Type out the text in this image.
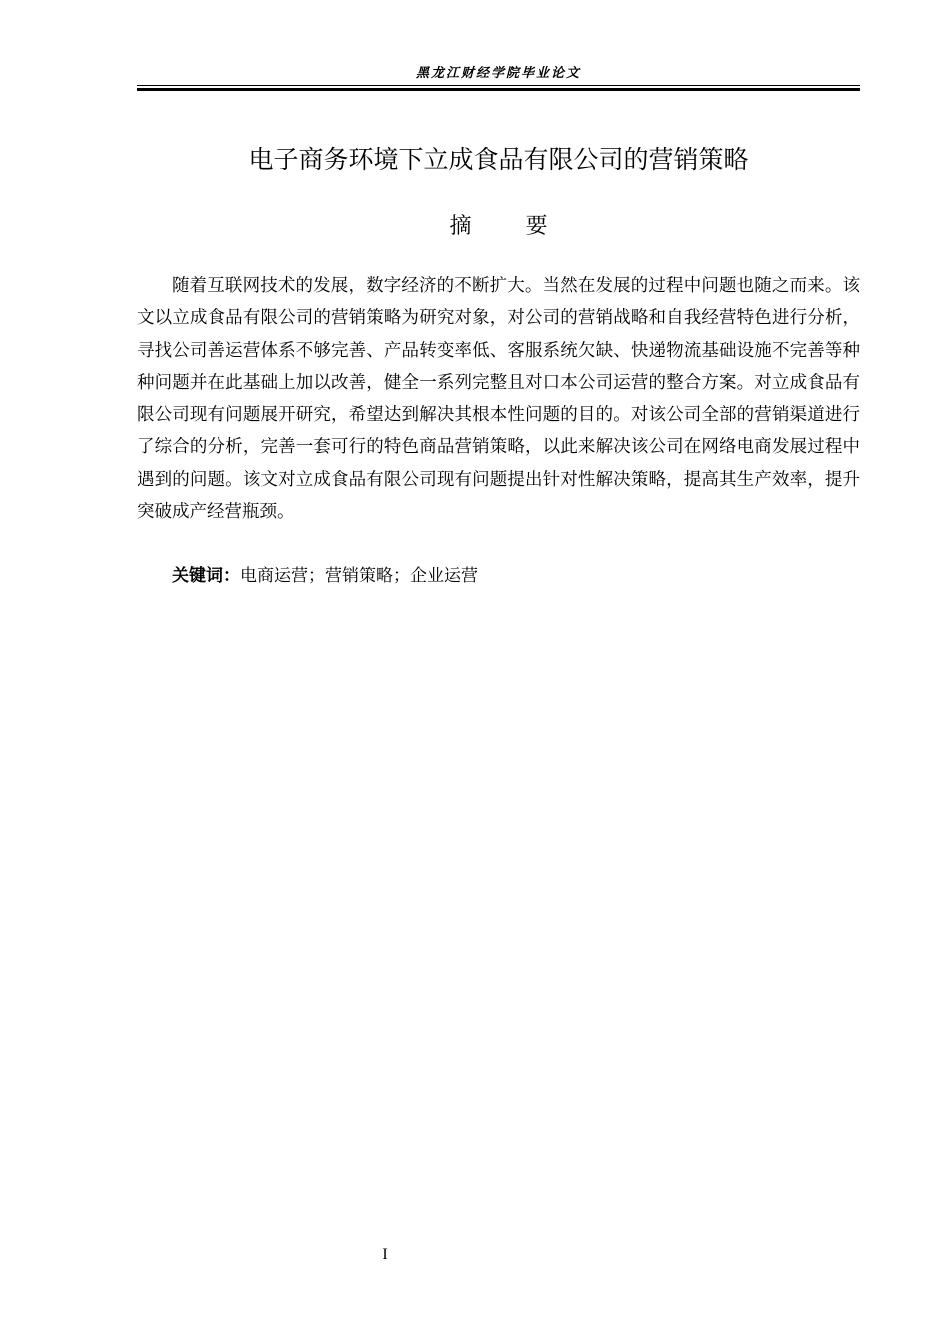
黑龙江财经学院毕业论文
电子商务环境下立成食品有限公司的营销策略
摘要

随着互联网技术的发展，数字经济的不断扩大。当然在发展的过程中问题也随之而来。该文以立成食品有限公司的营销策略为研究对象，对公司的营销战略和自我经营特色进行分析，寻找公司善运营体系不够完善、产品转变率低、客服系统欠缺、快递物流基础设施不完善等种种问题并在此基础上加以改善，健全一系列完整且对口本公司运营的整合方案。对立成食品有限公司现有问题展开研究，希望达到解决其根本性问题的目的。对该公司全部的营销渠道进行了综合的分析，完善一套可行的特色商品营销策略，以此来解决该公司在网络电商发展过程中遇到的问题。该文对立成食品有限公司现有问题提出针对性解决策略，提高其生产效率，提升突破成产经营瓶颈。

关键词：电商运营；营销策略；企业运营
I
